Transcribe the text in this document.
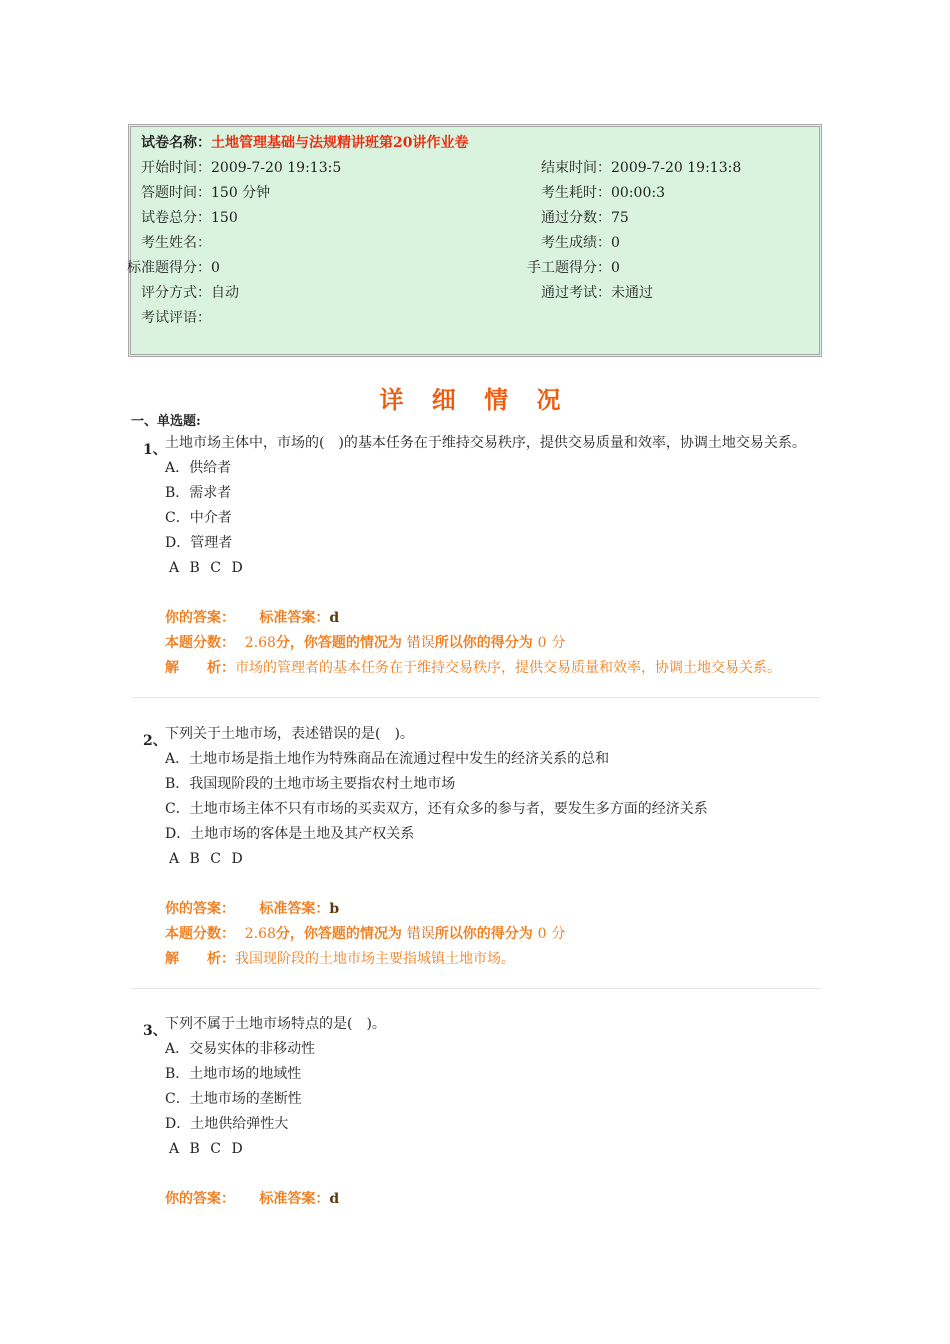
试卷名称：土地管理基础与法规精讲班第20讲作业卷
开始时间：2009-7-20 19:13:5	结束时间：2009-7-20 19:13:8
答题时间：150 分钟	考生耗时：00:00:3
试卷总分：150	通过分数：75
考生姓名：	考生成绩：0
标准题得分：0	手工题得分：0
评分方式：自动	通过考试：未通过
考试评语：
详 细 情 况
一、单选题:
1、
土地市场主体中，市场的(　)的基本任务在于维持交易秩序，提供交易质量和效率，协调土地交易关系。
A．供给者
B．需求者
C．中介者
D．管理者
A B C D
你的答案： 标准答案：d
本题分数： 2.68分，你答题的情况为 错误所以你的得分为 0 分
解　　析：市场的管理者的基本任务在于维持交易秩序，提供交易质量和效率，协调土地交易关系。
2、
下列关于土地市场，表述错误的是(　)。
A．土地市场是指土地作为特殊商品在流通过程中发生的经济关系的总和
B．我国现阶段的土地市场主要指农村土地市场
C．土地市场主体不只有市场的买卖双方，还有众多的参与者，要发生多方面的经济关系
D．土地市场的客体是土地及其产权关系
A B C D
你的答案： 标准答案：b
本题分数： 2.68分，你答题的情况为 错误所以你的得分为 0 分
解　　析：我国现阶段的土地市场主要指城镇土地市场。
3、
下列不属于土地市场特点的是(　)。
A．交易实体的非移动性
B．土地市场的地域性
C．土地市场的垄断性
D．土地供给弹性大
A B C D
你的答案： 标准答案：d
